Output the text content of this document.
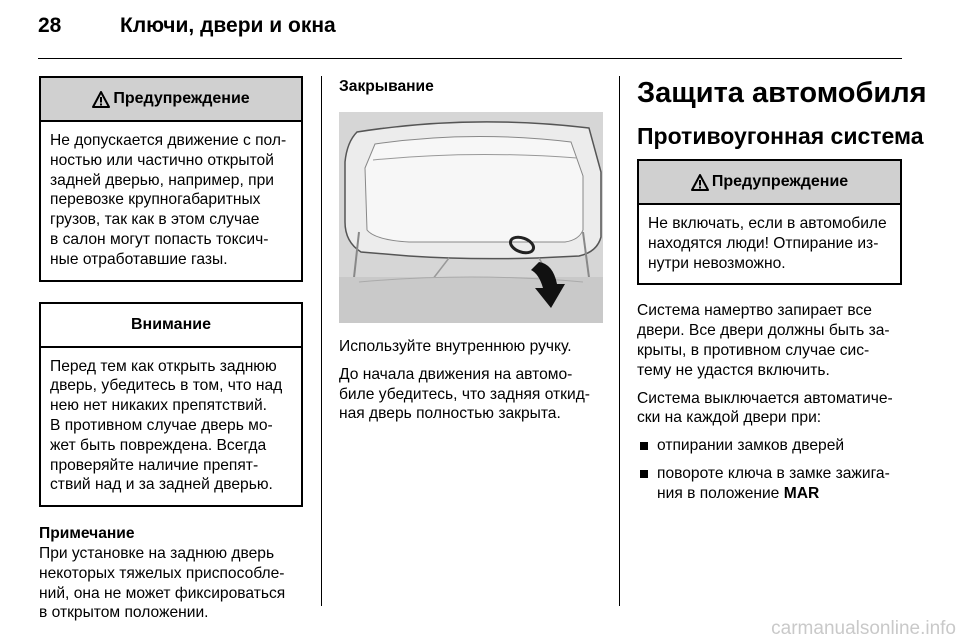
28	Ключи, двери и окна
Предупреждение
Не допускается движение с пол-
ностью или частично открытой
задней дверью, например, при
перевозке крупногабаритных
грузов, так как в этом случае
в салон могут попасть токсич-
ные отработавшие газы.
Внимание
Перед тем как открыть заднюю
дверь, убедитесь в том, что над
нею нет никаких препятствий.
В противном случае дверь мо-
жет быть повреждена. Всегда
проверяйте наличие препят-
ствий над и за задней дверью.
Примечание
При установке на заднюю дверь
некоторых тяжелых приспособле-
ний, она не может фиксироваться
в открытом положении.
Закрывание
Используйте внутреннюю ручку.
До начала движения на автомо-
биле убедитесь, что задняя откид-
ная дверь полностью закрыта.
Защита автомобиля
Противоугонная система
Предупреждение
Не включать, если в автомобиле
находятся люди! Отпирание из-
нутри невозможно.
Система намертво запирает все
двери. Все двери должны быть за-
крыты, в противном случае сис-
тему не удастся включить.
Система выключается автоматиче-
ски на каждой двери при:
отпирании замков дверей
повороте ключа в замке зажига-
ния в положение MAR
carmanualsonline.info
